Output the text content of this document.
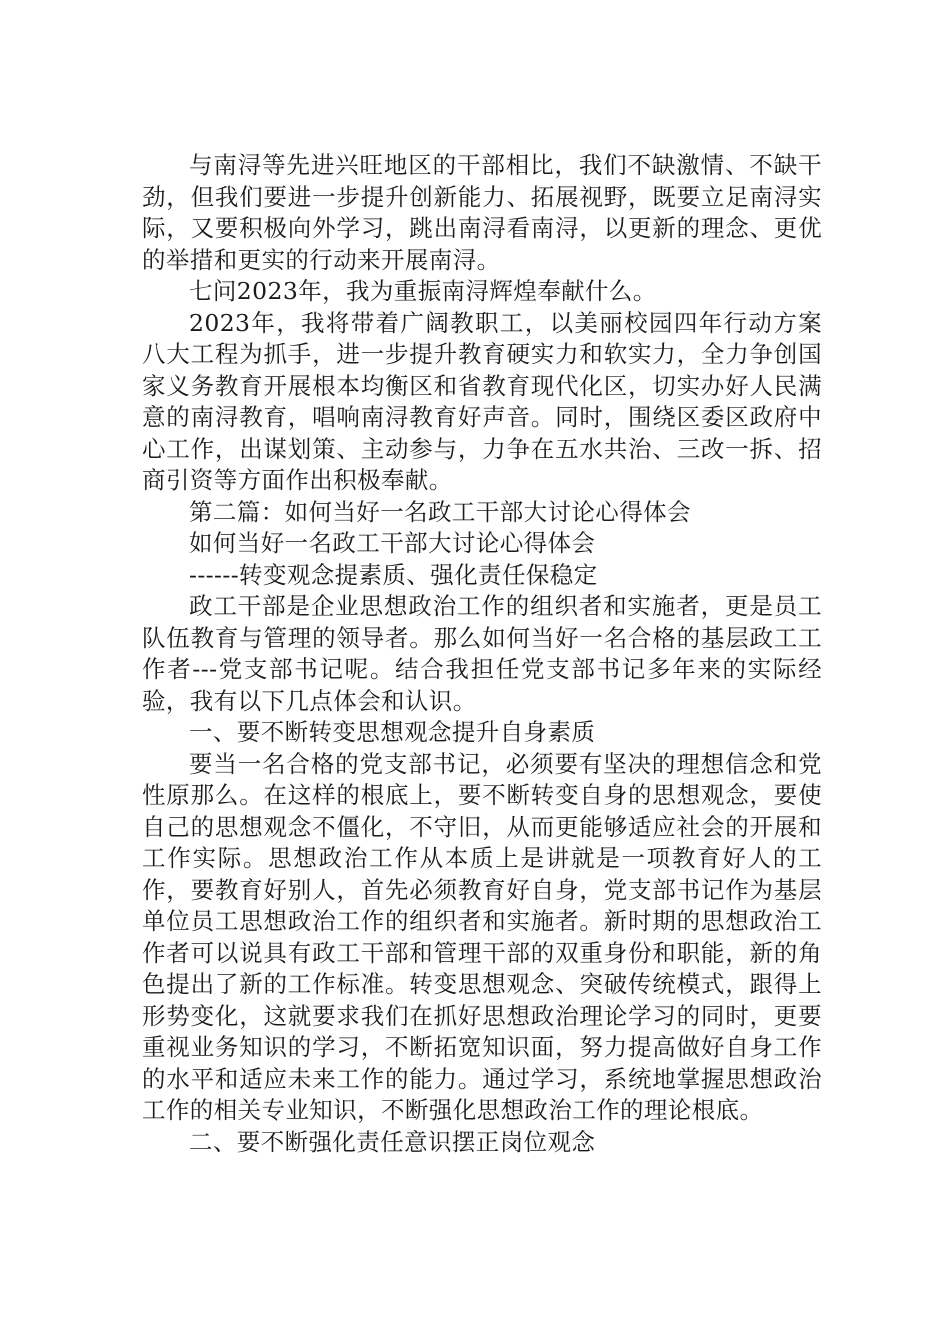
与南浔等先进兴旺地区的干部相比，我们不缺激情、不缺干劲，但我们要进一步提升创新能力、拓展视野，既要立足南浔实际，又要积极向外学习，跳出南浔看南浔，以更新的理念、更优的举措和更实的行动来开展南浔。

七问2023年，我为重振南浔辉煌奉献什么。

2023年，我将带着广阔教职工，以美丽校园四年行动方案八大工程为抓手，进一步提升教育硬实力和软实力，全力争创国家义务教育开展根本均衡区和省教育现代化区，切实办好人民满意的南浔教育，唱响南浔教育好声音。同时，围绕区委区政府中心工作，出谋划策、主动参与，力争在五水共治、三改一拆、招商引资等方面作出积极奉献。

第二篇：如何当好一名政工干部大讨论心得体会

如何当好一名政工干部大讨论心得体会

------转变观念提素质、强化责任保稳定

政工干部是企业思想政治工作的组织者和实施者，更是员工队伍教育与管理的领导者。那么如何当好一名合格的基层政工工作者---党支部书记呢。结合我担任党支部书记多年来的实际经验，我有以下几点体会和认识。

一、要不断转变思想观念提升自身素质

要当一名合格的党支部书记，必须要有坚决的理想信念和党性原那么。在这样的根底上，要不断转变自身的思想观念，要使自己的思想观念不僵化，不守旧，从而更能够适应社会的开展和工作实际。思想政治工作从本质上是讲就是一项教育好人的工作，要教育好别人，首先必须教育好自身，党支部书记作为基层单位员工思想政治工作的组织者和实施者。新时期的思想政治工作者可以说具有政工干部和管理干部的双重身份和职能，新的角色提出了新的工作标准。转变思想观念、突破传统模式，跟得上形势变化，这就要求我们在抓好思想政治理论学习的同时，更要重视业务知识的学习，不断拓宽知识面，努力提高做好自身工作的水平和适应未来工作的能力。通过学习，系统地掌握思想政治工作的相关专业知识，不断强化思想政治工作的理论根底。

二、要不断强化责任意识摆正岗位观念
